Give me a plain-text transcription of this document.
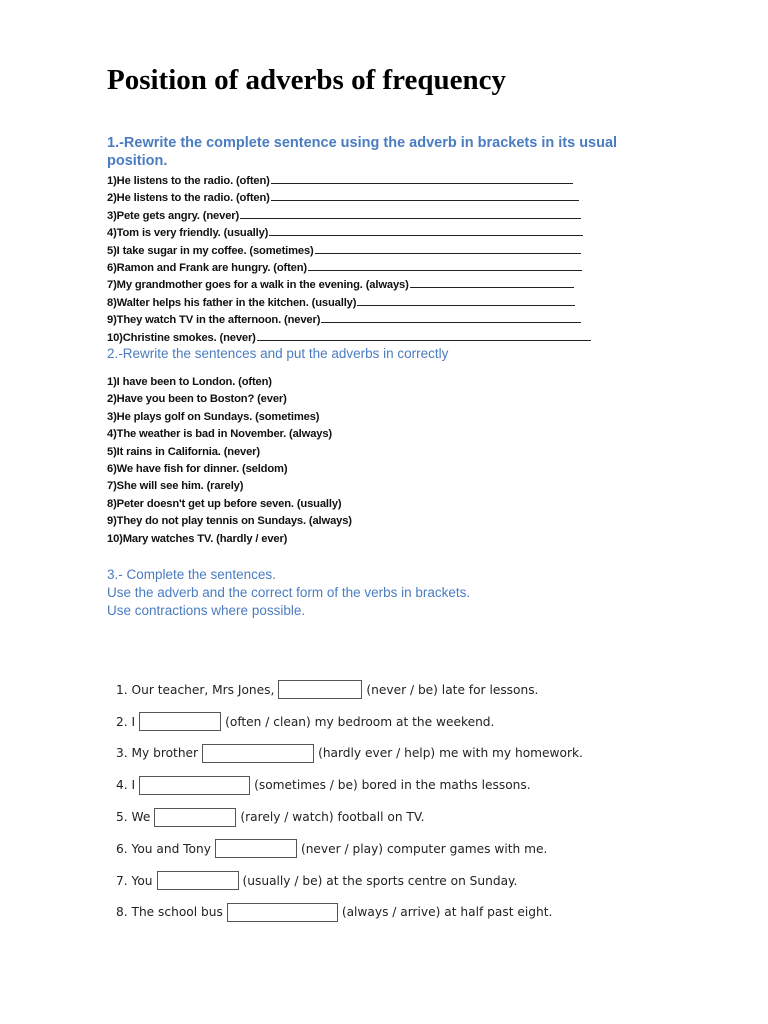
Position of adverbs of frequency
1.-Rewrite the complete sentence using the adverb in brackets in its usual position.
1)He listens to the radio. (often)
2)He listens to the radio. (often)
3)Pete gets angry. (never)
4)Tom is very friendly. (usually)
5)I take sugar in my coffee. (sometimes)
6)Ramon and Frank are hungry. (often)
7)My grandmother goes for a walk in the evening. (always)
8)Walter helps his father in the kitchen. (usually)
9)They watch TV in the afternoon. (never)
10)Christine smokes. (never)
2.-Rewrite the sentences and put the adverbs in correctly
1)I have been to London. (often)
2)Have you been to Boston? (ever)
3)He plays golf on Sundays. (sometimes)
4)The weather is bad in November. (always)
5)It rains in California. (never)
6)We have fish for dinner. (seldom)
7)She will see him. (rarely)
8)Peter doesn't get up before seven. (usually)
9)They do not play tennis on Sundays. (always)
10)Mary watches TV. (hardly / ever)
3.- Complete the sentences.
Use the adverb and the correct form of the verbs in brackets.
Use contractions where possible.
1. Our teacher, Mrs Jones,	(never / be) late for lessons.
2. I	(often / clean) my bedroom at the weekend.
3. My brother	(hardly ever / help) me with my homework.
4. I	(sometimes / be) bored in the maths lessons.
5. We	(rarely / watch) football on TV.
6. You and Tony	(never / play) computer games with me.
7. You	(usually / be) at the sports centre on Sunday.
8. The school bus	(always / arrive) at half past eight.
